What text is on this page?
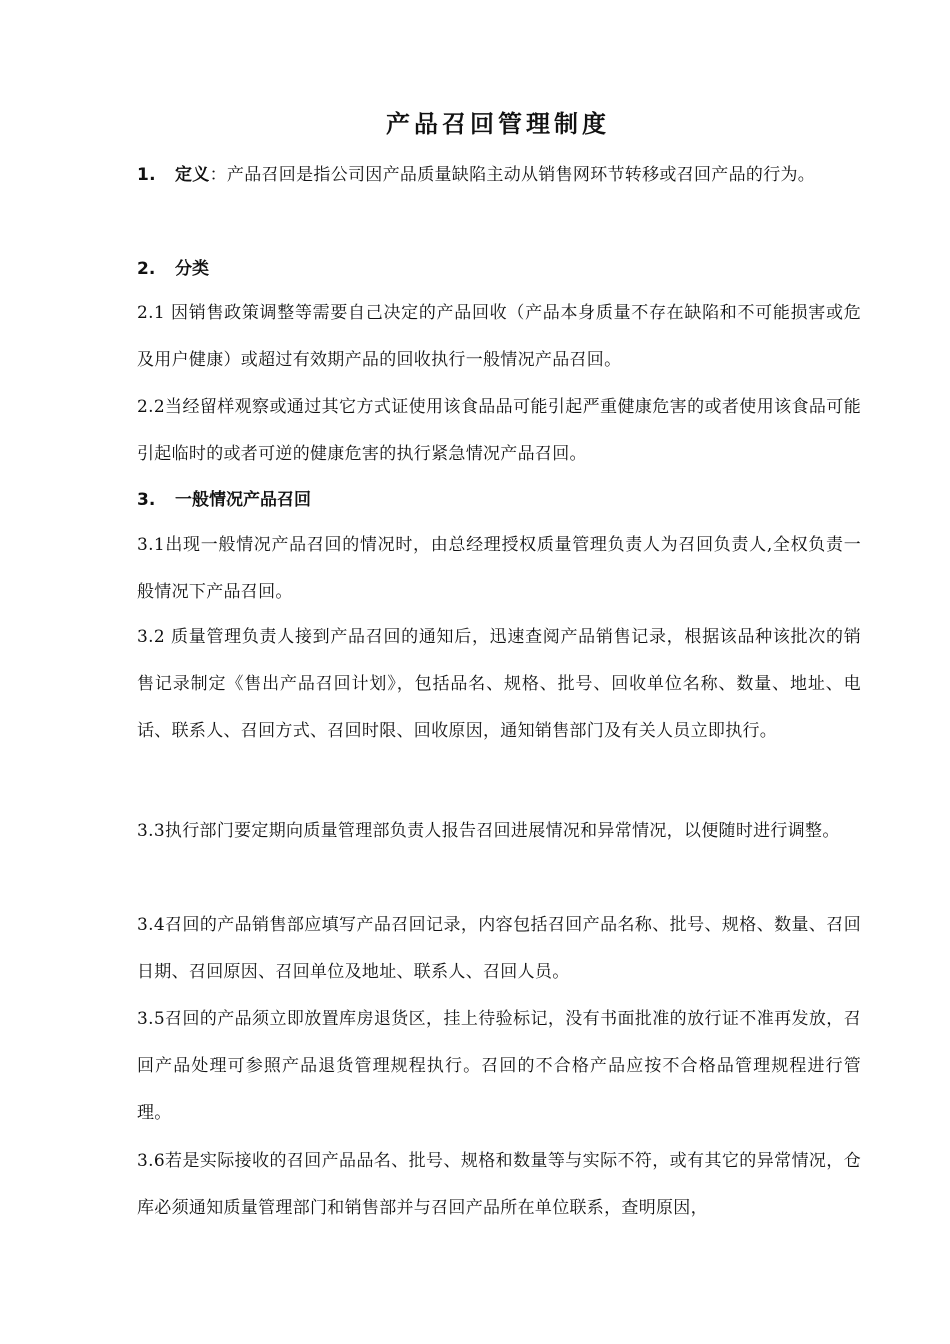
产品召回管理制度
1. 定义：产品召回是指公司因产品质量缺陷主动从销售网环节转移或召回产品的行为。
2. 分类
2.1 因销售政策调整等需要自己决定的产品回收（产品本身质量不存在缺陷和不可能损害或危及用户健康）或超过有效期产品的回收执行一般情况产品召回。
2.2当经留样观察或通过其它方式证使用该食品品可能引起严重健康危害的或者使用该食品可能引起临时的或者可逆的健康危害的执行紧急情况产品召回。
3. 一般情况产品召回
3.1出现一般情况产品召回的情况时，由总经理授权质量管理负责人为召回负责人,全权负责一般情况下产品召回。
3.2 质量管理负责人接到产品召回的通知后，迅速查阅产品销售记录，根据该品种该批次的销售记录制定《售出产品召回计划》，包括品名、规格、批号、回收单位名称、数量、地址、电话、联系人、召回方式、召回时限、回收原因，通知销售部门及有关人员立即执行。
3.3执行部门要定期向质量管理部负责人报告召回进展情况和异常情况，以便随时进行调整。
3.4召回的产品销售部应填写产品召回记录，内容包括召回产品名称、批号、规格、数量、召回日期、召回原因、召回单位及地址、联系人、召回人员。
3.5召回的产品须立即放置库房退货区，挂上待验标记，没有书面批准的放行证不准再发放，召回产品处理可参照产品退货管理规程执行。召回的不合格产品应按不合格品管理规程进行管理。
3.6若是实际接收的召回产品品名、批号、规格和数量等与实际不符，或有其它的异常情况，仓库必须通知质量管理部门和销售部并与召回产品所在单位联系，查明原因，
